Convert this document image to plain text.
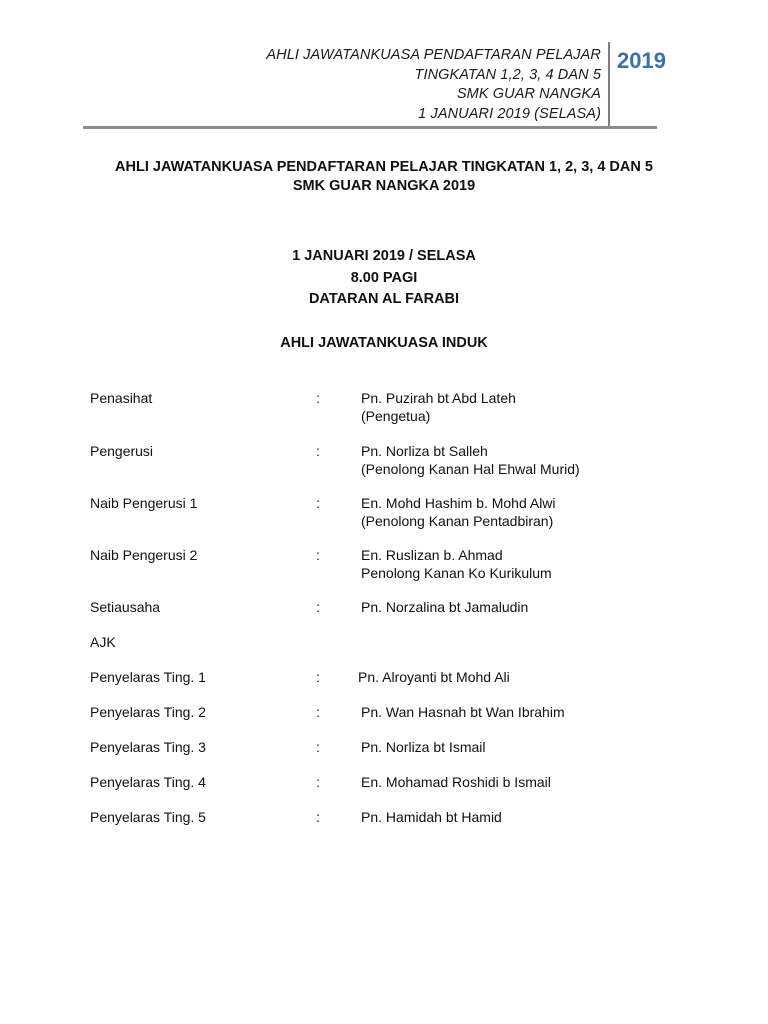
AHLI JAWATANKUASA PENDAFTARAN PELAJAR
TINGKATAN 1,2, 3, 4 DAN 5
SMK GUAR NANGKA
1 JANUARI 2019 (SELASA)
2019
AHLI JAWATANKUASA PENDAFTARAN PELAJAR TINGKATAN 1, 2, 3, 4 DAN 5
SMK GUAR NANGKA 2019
1 JANUARI 2019 / SELASA
8.00 PAGI
DATARAN AL FARABI
AHLI JAWATANKUASA INDUK
Penasihat	:	Pn. Puzirah bt Abd Lateh
(Pengetua)
Pengerusi	:	Pn. Norliza bt Salleh
(Penolong Kanan Hal Ehwal Murid)
Naib Pengerusi 1	:	En. Mohd Hashim b. Mohd Alwi
(Penolong Kanan Pentadbiran)
Naib Pengerusi 2	:	En. Ruslizan b. Ahmad
Penolong Kanan Ko Kurikulum
Setiausaha	:	Pn. Norzalina bt Jamaludin
AJK
Penyelaras Ting. 1	:	Pn. Alroyanti bt Mohd Ali
Penyelaras Ting. 2	:	Pn. Wan Hasnah bt Wan Ibrahim
Penyelaras Ting. 3	:	Pn. Norliza bt Ismail
Penyelaras Ting. 4	:	En. Mohamad Roshidi b Ismail
Penyelaras Ting. 5	:	Pn. Hamidah bt Hamid
